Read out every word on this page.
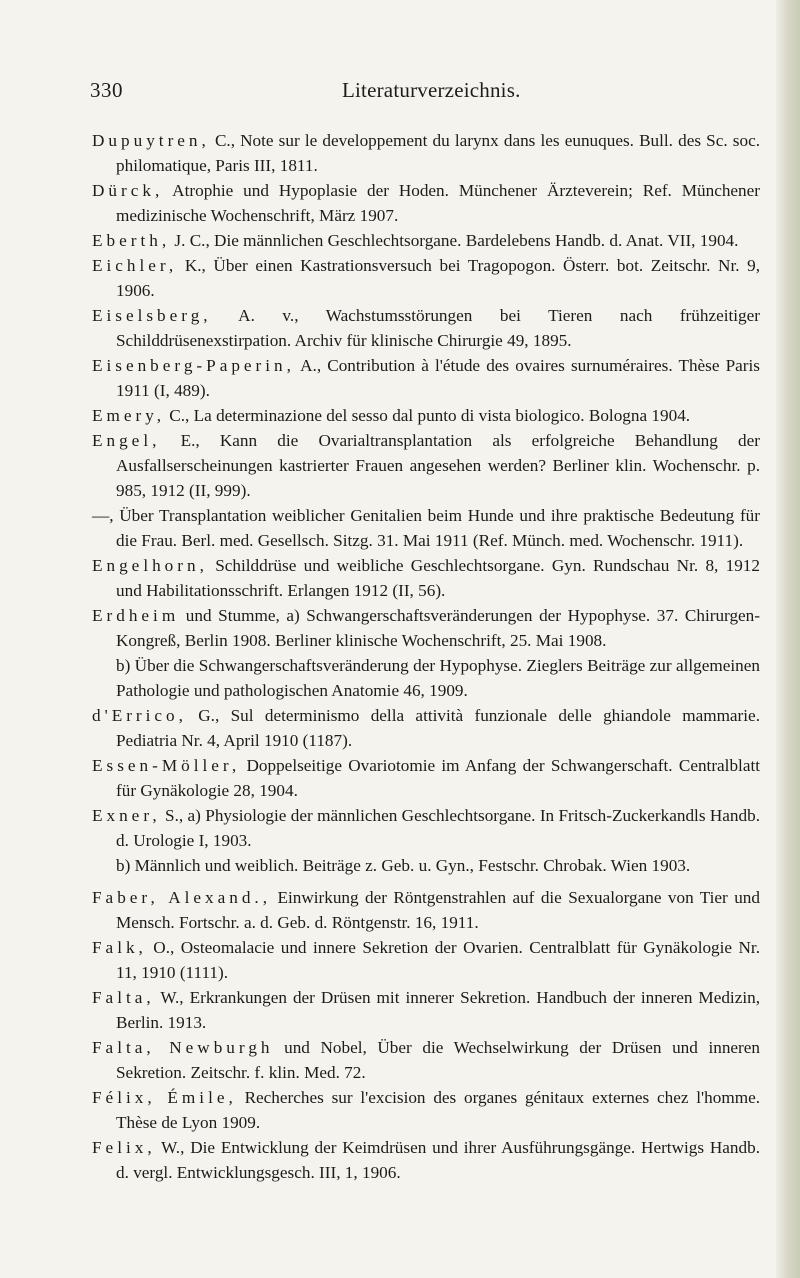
330	Literaturverzeichnis.
Dupuytren, C., Note sur le developpement du larynx dans les eunuques. Bull. des Sc. soc. philomatique, Paris III, 1811.
Dürck, Atrophie und Hypoplasie der Hoden. Münchener Ärzteverein; Ref. Münchener medizinische Wochenschrift, März 1907.
Eberth, J. C., Die männlichen Geschlechtsorgane. Bardelebens Handb. d. Anat. VII, 1904.
Eichler, K., Über einen Kastrationsversuch bei Tragopogon. Österr. bot. Zeitschr. Nr. 9, 1906.
Eiselsberg, A. v., Wachstumsstörungen bei Tieren nach frühzeitiger Schilddrüsenexstirpation. Archiv für klinische Chirurgie 49, 1895.
Eisenberg-Paperin, A., Contribution à l'étude des ovaires surnuméraires. Thèse Paris 1911 (I, 489).
Emery, C., La determinazione del sesso dal punto di vista biologico. Bologna 1904.
Engel, E., Kann die Ovarialtransplantation als erfolgreiche Behandlung der Ausfallserscheinungen kastrierter Frauen angesehen werden? Berliner klin. Wochenschr. p. 985, 1912 (II, 999).
—, Über Transplantation weiblicher Genitalien beim Hunde und ihre praktische Bedeutung für die Frau. Berl. med. Gesellsch. Sitzg. 31. Mai 1911 (Ref. Münch. med. Wochenschr. 1911).
Engelhorn, Schilddrüse und weibliche Geschlechtsorgane. Gyn. Rundschau Nr. 8, 1912 und Habilitationsschrift. Erlangen 1912 (II, 56).
Erdheim und Stumme, a) Schwangerschaftsveränderungen der Hypophyse. 37. Chirurgen-Kongreß, Berlin 1908. Berliner klinische Wochenschrift, 25. Mai 1908.
b) Über die Schwangerschaftsveränderung der Hypophyse. Zieglers Beiträge zur allgemeinen Pathologie und pathologischen Anatomie 46, 1909.
d'Errico, G., Sul determinismo della attività funzionale delle ghiandole mammarie. Pediatria Nr. 4, April 1910 (1187).
Essen-Möller, Doppelseitige Ovariotomie im Anfang der Schwangerschaft. Centralblatt für Gynäkologie 28, 1904.
Exner, S., a) Physiologie der männlichen Geschlechtsorgane. In Fritsch-Zuckerkandls Handb. d. Urologie I, 1903.
b) Männlich und weiblich. Beiträge z. Geb. u. Gyn., Festschr. Chrobak. Wien 1903.
Faber, Alexand., Einwirkung der Röntgenstrahlen auf die Sexualorgane von Tier und Mensch. Fortschr. a. d. Geb. d. Röntgenstr. 16, 1911.
Falk, O., Osteomalacie und innere Sekretion der Ovarien. Centralblatt für Gynäkologie Nr. 11, 1910 (1111).
Falta, W., Erkrankungen der Drüsen mit innerer Sekretion. Handbuch der inneren Medizin, Berlin. 1913.
Falta, Newburgh und Nobel, Über die Wechselwirkung der Drüsen und inneren Sekretion. Zeitschr. f. klin. Med. 72.
Félix, Émile, Recherches sur l'excision des organes génitaux externes chez l'homme. Thèse de Lyon 1909.
Felix, W., Die Entwicklung der Keimdrüsen und ihrer Ausführungsgänge. Hertwigs Handb. d. vergl. Entwicklungsgesch. III, 1, 1906.
